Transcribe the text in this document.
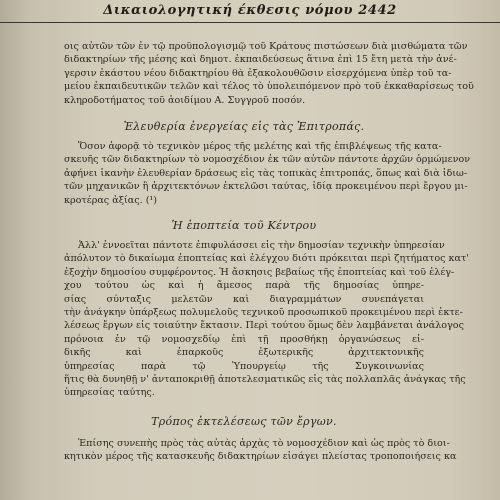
Δικαιολογητική έκθεσις νόμου 2442
οις αὐτῶν τῶν ἐν τῷ προϋπολογισμῷ τοῦ Κράτους πιστώσεων διὰ μισθώματα τῶν
διδακτηρίων τῆς μέσης καὶ δημοτ. ἐκπαιδεύσεως ἅτινα ἐπὶ 15 ἔτη μετὰ τὴν ἀνέ-
γερσιν ἑκάστου νέου διδακτηρίου θὰ ἐξακολουθῶσιν εἰσερχόμενα ὑπὲρ τοῦ τα-
μείου ἐκπαιδευτικῶν τελῶν καὶ τέλος τὸ ὑπολειπόμενον πρὸ τοῦ ἐκκαθαρίσεως τοῦ
κληροδοτήματος τοῦ ἀοιδίμου Α. Συγγροῦ ποσόν.
Ἐλευθερία ἐνεργείας εἰς τὰς Ἐπιτροπάς.
Ὅσον ἀφορᾷ τὸ τεχνικὸν μέρος τῆς μελέτης καὶ τῆς ἐπιβλέψεως τῆς κατα-
σκευῆς τῶν διδακτηρίων τὸ νομοσχέδιον ἐκ τῶν αὐτῶν πάντοτε ἀρχῶν ὁρμώμενον
ἀφήνει ἱκανὴν ἐλευθερίαν δράσεως εἰς τὰς τοπικὰς ἐπιτροπάς, ὅπως καὶ διὰ ἰδιω-
τῶν μηχανικῶν ἢ ἀρχιτεκτόνων ἐκτελῶσι ταύτας, ἰδίᾳ προκειμένου περὶ ἔργου μι-
κροτέρας ἀξίας. (¹)
Ἡ ἐποπτεία τοῦ Κέντρου
Ἀλλ' ἐννοεῖται πάντοτε ἐπιφυλάσσει εἰς τὴν δημοσίαν τεχνικὴν ὑπηρεσίαν
ἀπόλυτον τὸ δικαίωμα ἐποπτείας καὶ ἐλέγχου διότι πρόκειται περὶ ζητήματος κατ'
ἐξοχὴν δημοσίου συμφέροντος. Ἡ ἄσκησις βεβαίως τῆς ἐποπτείας καὶ τοῦ ἐλέγ-
χου τούτου ὡς καὶ ἡ ἄμεσος παρὰ τῆς δημοσίας ὑπηρε-
σίας σύνταξις μελετῶν καὶ διαγραμμάτων συνεπάγεται
τὴν ἀνάγκην ὑπάρξεως πολυμελοῦς τεχνικοῦ προσωπικοῦ προκειμένου περὶ ἐκτε-
λέσεως ἔργων εἰς τοιαύτην ἔκτασιν. Περὶ τούτου ὅμως δὲν λαμβάνεται ἀνάλογος
πρόνοια ἐν τῷ νομοσχεδίῳ ἐπὶ τῇ προσθήκῃ ὀργανώσεως εἰ-
δικῆς καὶ ἐπαρκοῦς ἐξωτερικῆς ἀρχιτεκτονικῆς
ὑπηρεσίας παρὰ τῷ Ὑπουργείῳ τῆς Συγκοινωνίας
ἥτις θὰ δυνηθῇ ν' ἀνταποκριθῇ ἀποτελεσματικῶς εἰς τὰς πολλαπλᾶς ἀνάγκας τῆς
ὑπηρεσίας ταύτης.
Τρόπος ἐκτελέσεως τῶν ἔργων.
Ἐπίσης συνεπὴς πρὸς τὰς αὐτὰς ἀρχὰς τὸ νομοσχέδιον καὶ ὡς πρὸς τὸ διοι-
κητικὸν μέρος τῆς κατασκευῆς διδακτηρίων εἰσάγει πλείστας τροποποιήσεις κα
